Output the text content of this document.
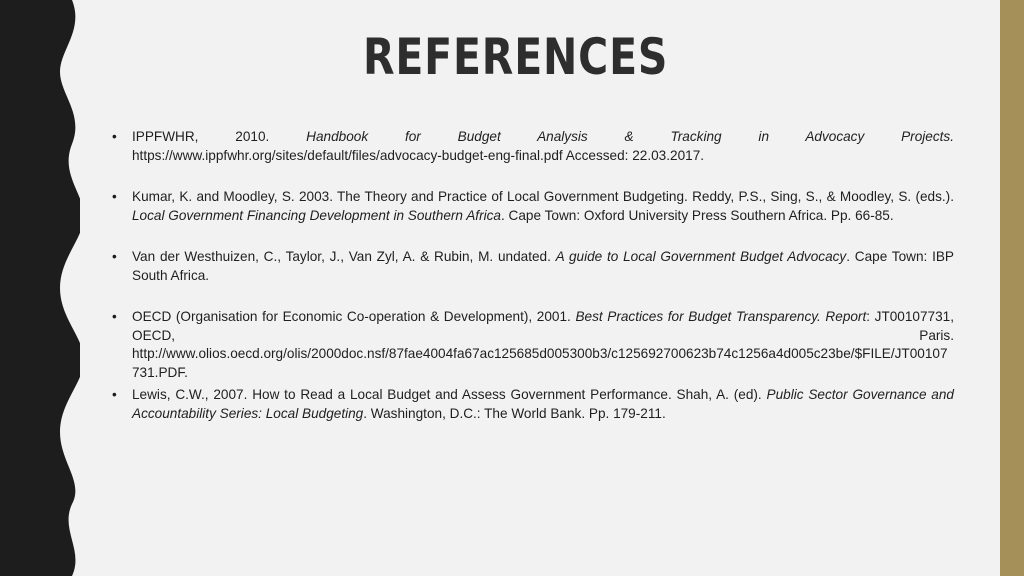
REFERENCES
• IPPFWHR, 2010. Handbook for Budget Analysis & Tracking in Advocacy Projects.
https://www.ippfwhr.org/sites/default/files/advocacy-budget-eng-final.pdf Accessed: 22.03.2017.
• Kumar, K. and Moodley, S. 2003. The Theory and Practice of Local Government Budgeting. Reddy, P.S., Sing, S., & Moodley, S. (eds.). Local Government Financing Development in Southern Africa. Cape Town: Oxford University Press Southern Africa. Pp. 66-85.
• Van der Westhuizen, C., Taylor, J., Van Zyl, A. & Rubin, M. undated. A guide to Local Government Budget Advocacy. Cape Town: IBP South Africa.
• OECD (Organisation for Economic Co-operation & Development), 2001. Best Practices for Budget Transparency. Report: JT00107731, OECD, Paris.
http://www.olios.oecd.org/olis/2000doc.nsf/87fae4004fa67ac125685d005300b3/c125692700623b74c1256a4d005c23be/$FILE/JT00107731.PDF.
• Lewis, C.W., 2007. How to Read a Local Budget and Assess Government Performance. Shah, A. (ed). Public Sector Governance and Accountability Series: Local Budgeting. Washington, D.C.: The World Bank. Pp. 179-211.
